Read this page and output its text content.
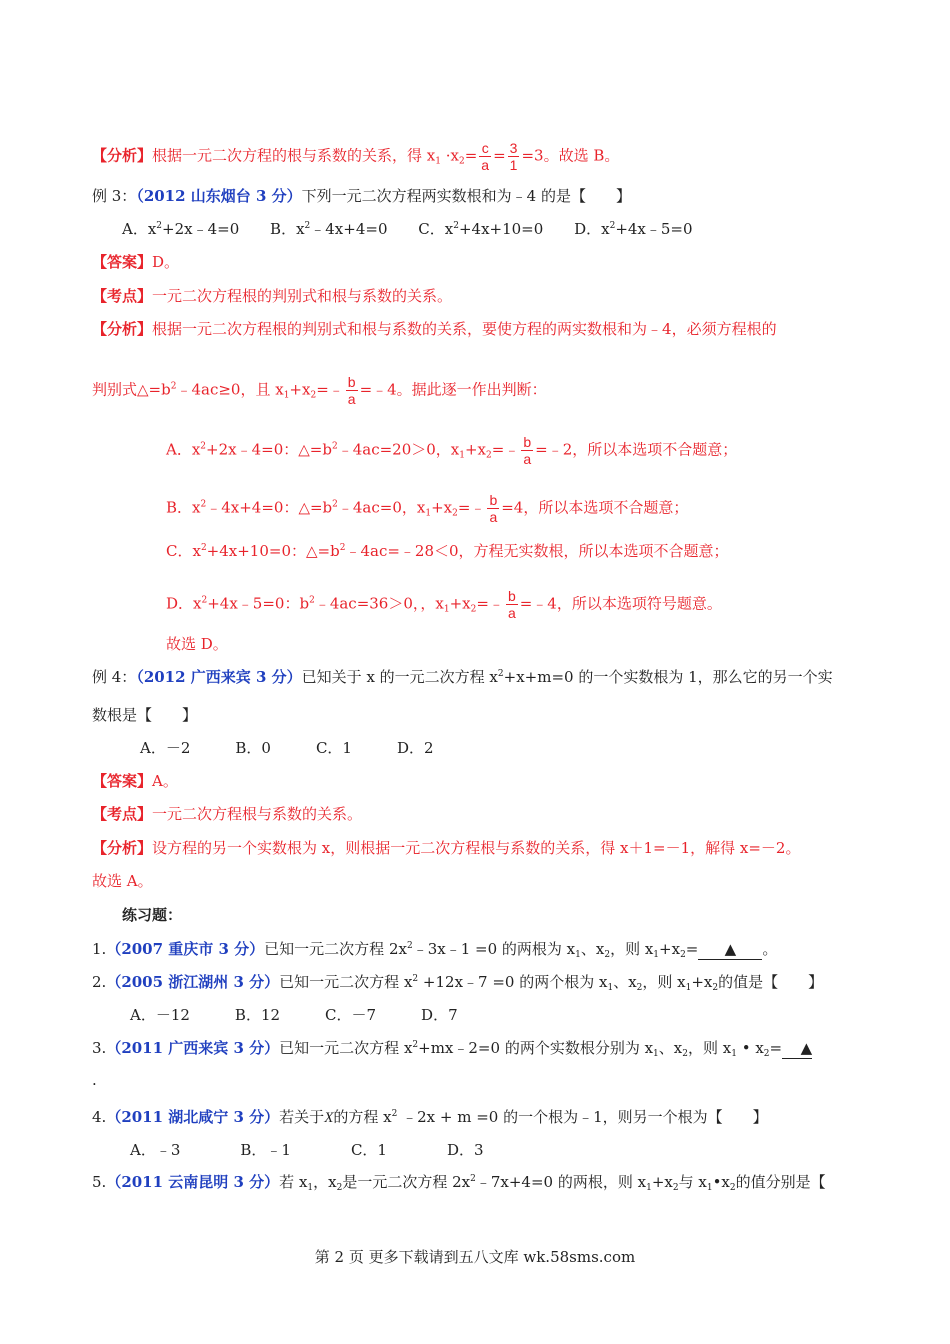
【分析】根据一元二次方程的根与系数的关系，得 $x_1 \cdot x_2= \frac{c}{a} = \frac{3}{1} =3$。故选 B。
例 3：（2012 山东烟台 3 分）下列一元二次方程两实数根和为﹣4 的是【　　】
A．$x^2+2x﹣4=0$ B．$x^2﹣4x+4=0$ C．$x^2+4x+10=0$ D．$x^2+4x﹣5=0$
【答案】D。
【考点】一元二次方程根的判别式和根与系数的关系。
【分析】根据一元二次方程根的判别式和根与系数的关系，要使方程的两实数根和为﹣4，必须方程根的
判别式$\triangle=b^2﹣4ac\ge 0$，且 $x_1+x_2=﹣ \frac{b}{a}$ =﹣4。据此逐一作出判断：
A．$x^2+2x﹣4=0$：$\triangle=b^2﹣4ac=20>0$，$x_1+x_2=﹣ \frac{b}{a}$ =﹣2，所以本选项不合题意；
B．$x^2﹣4x+4=0$：$\triangle=b^2﹣4ac=0$，$x_1+x_2=﹣ \frac{b}{a} =4$，所以本选项不合题意；
C．$x^2+4x+10=0$：$\triangle=b^2﹣4ac=﹣28<0$，方程无实数根，所以本选项不合题意；
D．$x^2+4x﹣5=0$：$b^2﹣4ac=36>0$，，$x_1+x_2=﹣ \frac{b}{a}$ =﹣4，所以本选项符号题意。
故选 D。
例 4：（2012 广西来宾 3 分）已知关于 x 的一元二次方程 $x^2+x+m=0$ 的一个实数根为 1，那么它的另一个实
数根是【　　】
A．－2　　　B．0　　　C．1　　　D．2
【答案】A。
【考点】一元二次方程根与系数的关系。
【分析】设方程的另一个实数根为 x，则根据一元二次方程根与系数的关系，得 x＋1=－1，解得 x=－2。
故选 A。
练习题：
1.（2007 重庆市 3 分）已知一元二次方程 $2x^2﹣3x﹣1 =0$ 的两根为 $x_1$、$x_2$，则 $x_1+x_2=$ ▲ 。
2.（2005 浙江湖州 3 分）已知一元二次方程 $x^2$ +12x﹣7 =0 的两个根为 $x_1$、$x_2$，则 $x_1+x_2$的值是【　　】
A．－12　　　B．12　　　C．－7　　　D．7
3.（2011 广西来宾 3 分）已知一元二次方程 $x^2+mx﹣2=0$ 的两个实数根分别为 $x_1$、$x_2$，则 $x_1$ • $x_2=$ ▲
.
4.（2011 湖北咸宁 3 分）若关于X的方程 $x^2$ ﹣2x + m =0 的一个根为﹣1，则另一个根为【　　】
A．﹣3　　　　B．﹣1　　　　C．1　　　　D．3
5.（2011 云南昆明 3 分）若 $x_1$，$x_2$是一元二次方程 $2x^2﹣7x+4=0$ 的两根，则 $x_1+x_2$与 $x_1•x_2$的值分别是【
第 2 页 更多下载请到五八文库 wk.58sms.com
